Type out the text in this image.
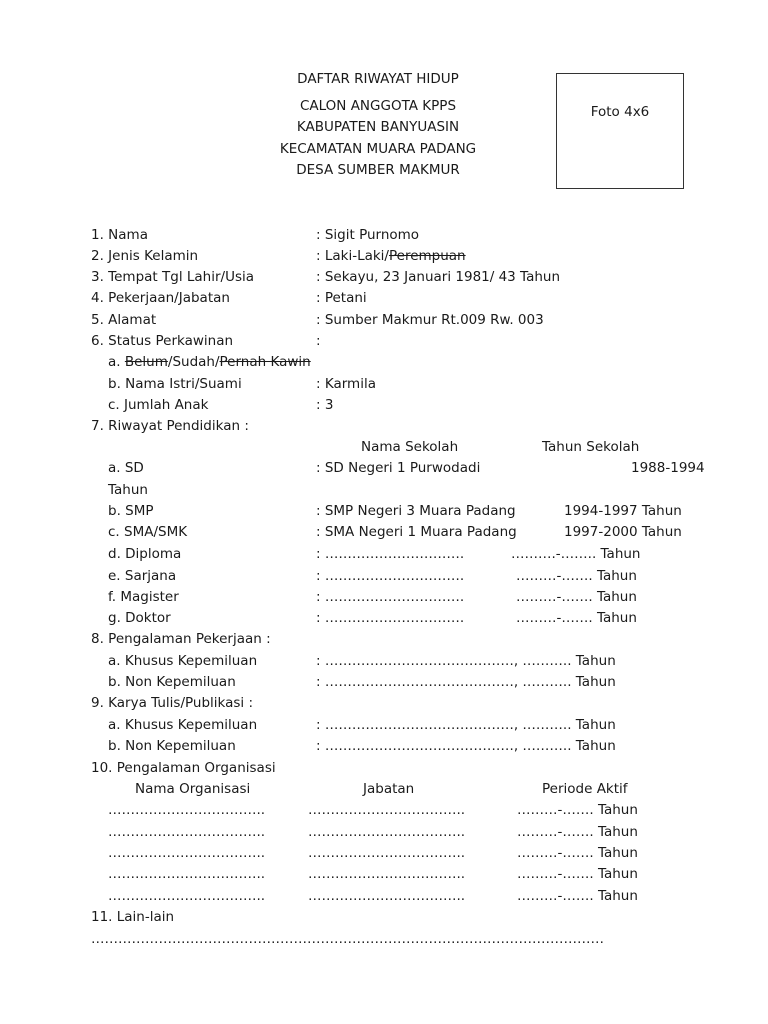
DAFTAR RIWAYAT HIDUP
CALON ANGGOTA KPPS
KABUPATEN BANYUASIN
KECAMATAN MUARA PADANG
DESA SUMBER MAKMUR
Foto 4x6
1. Nama	: Sigit Purnomo
2. Jenis Kelamin	: Laki-Laki/Perempuan
3. Tempat Tgl Lahir/Usia	: Sekayu, 23 Januari 1981/ 43 Tahun
4. Pekerjaan/Jabatan	: Petani
5. Alamat	: Sumber Makmur Rt.009 Rw. 003
6. Status Perkawinan	:
a. Belum/Sudah/Pernah Kawin
b. Nama Istri/Suami	: Karmila
c. Jumlah Anak	: 3
7. Riwayat Pendidikan :
Nama Sekolah	Tahun Sekolah
a. SD	: SD Negeri 1 Purwodadi	1988-1994
Tahun
b. SMP	: SMP Negeri 3 Muara Padang	1994-1997 Tahun
c. SMA/SMK	: SMA Negeri 1 Muara Padang	1997-2000 Tahun
d. Diploma	: ………………………….	……….-…….. Tahun
e. Sarjana	: ………………………….	………-……. Tahun
f. Magister	: ………………………….	………-……. Tahun
g. Doktor	: ………………………….	………-……. Tahun
8. Pengalaman Pekerjaan :
a. Khusus Kepemiluan	: ……………………………………, ……….. Tahun
b. Non Kepemiluan	: ……………………………………, ……….. Tahun
9. Karya Tulis/Publikasi :
a. Khusus Kepemiluan	: ……………………………………, ……….. Tahun
b. Non Kepemiluan	: ……………………………………, ……….. Tahun
10. Pengalaman Organisasi
Nama Organisasi	Jabatan	Periode Aktif
……………………………..	……………………………..	………-……. Tahun
……………………………..	……………………………..	………-……. Tahun
……………………………..	……………………………..	………-……. Tahun
……………………………..	……………………………..	………-……. Tahun
……………………………..	……………………………..	………-……. Tahun
11. Lain-lain
……………………………………………………………………………………………………
